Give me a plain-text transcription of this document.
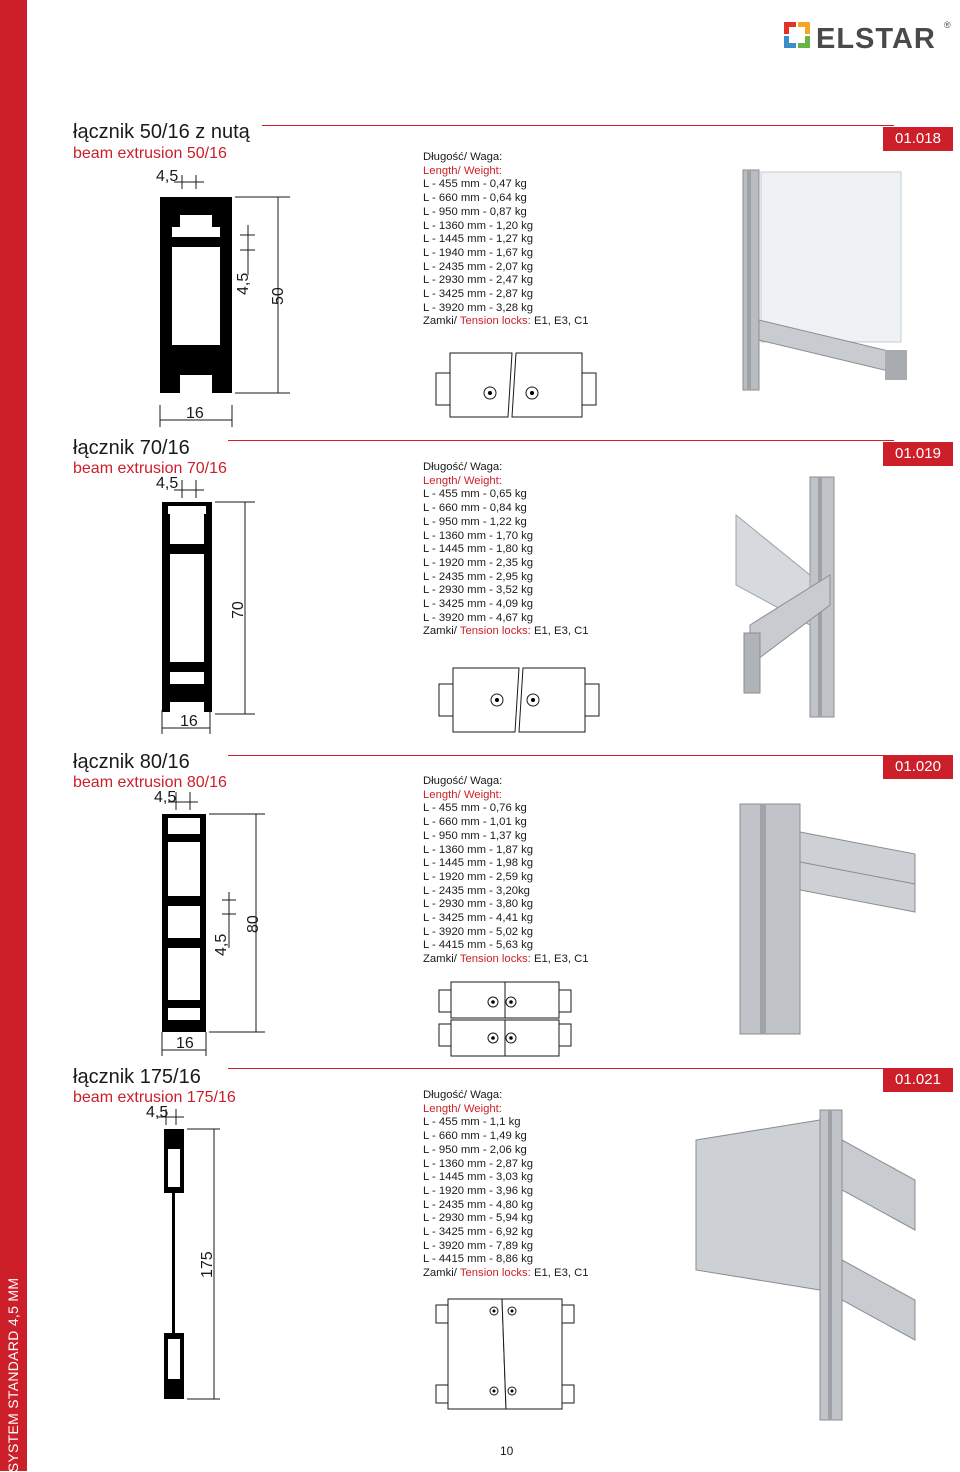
SYSTEM STANDARD 4,5 MM
ELSTAR ®
łącznik 50/16 z nutą
beam extrusion 50/16
01.018
4,5
50
4,5
16
Długość/ Waga:
Length/ Weight:
L - 455 mm - 0,47 kg
L - 660 mm - 0,64 kg
L - 950 mm - 0,87 kg
L - 1360 mm - 1,20 kg
L - 1445 mm - 1,27 kg
L - 1940 mm - 1,67 kg
L - 2435 mm - 2,07 kg
L - 2930 mm - 2,47 kg
L - 3425 mm - 2,87 kg
L - 3920 mm - 3,28 kg
Zamki/ Tension locks: E1, E3, C1
łącznik 70/16
beam extrusion 70/16
01.019
4,5
70
16
Długość/ Waga:
Length/ Weight:
L - 455 mm - 0,65 kg
L - 660 mm - 0,84 kg
L - 950 mm - 1,22 kg
L - 1360 mm - 1,70 kg
L - 1445 mm - 1,80 kg
L - 1920 mm - 2,35 kg
L - 2435 mm - 2,95 kg
L - 2930 mm - 3,52 kg
L - 3425 mm - 4,09 kg
L - 3920 mm - 4,67 kg
Zamki/ Tension locks: E1, E3, C1
łącznik 80/16
beam extrusion 80/16
01.020
4,5
80
4,5
16
Długość/ Waga:
Length/ Weight:
L - 455 mm - 0,76 kg
L - 660 mm - 1,01 kg
L - 950 mm - 1,37 kg
L - 1360 mm - 1,87 kg
L - 1445 mm - 1,98 kg
L - 1920 mm - 2,59 kg
L - 2435 mm - 3,20kg
L - 2930 mm - 3,80 kg
L - 3425 mm - 4,41 kg
L - 3920 mm - 5,02 kg
L - 4415 mm - 5,63 kg
Zamki/ Tension locks: E1, E3, C1
łącznik 175/16
beam extrusion 175/16
01.021
4,5
175
Długość/ Waga:
Length/ Weight:
L - 455 mm - 1,1 kg
L - 660 mm - 1,49 kg
L - 950 mm - 2,06 kg
L - 1360 mm - 2,87 kg
L - 1445 mm - 3,03 kg
L - 1920 mm - 3,96 kg
L - 2435 mm - 4,80 kg
L - 2930 mm - 5,94 kg
L - 3425 mm - 6,92 kg
L - 3920 mm - 7,89 kg
L - 4415 mm - 8,86 kg
Zamki/ Tension locks: E1, E3, C1
10
